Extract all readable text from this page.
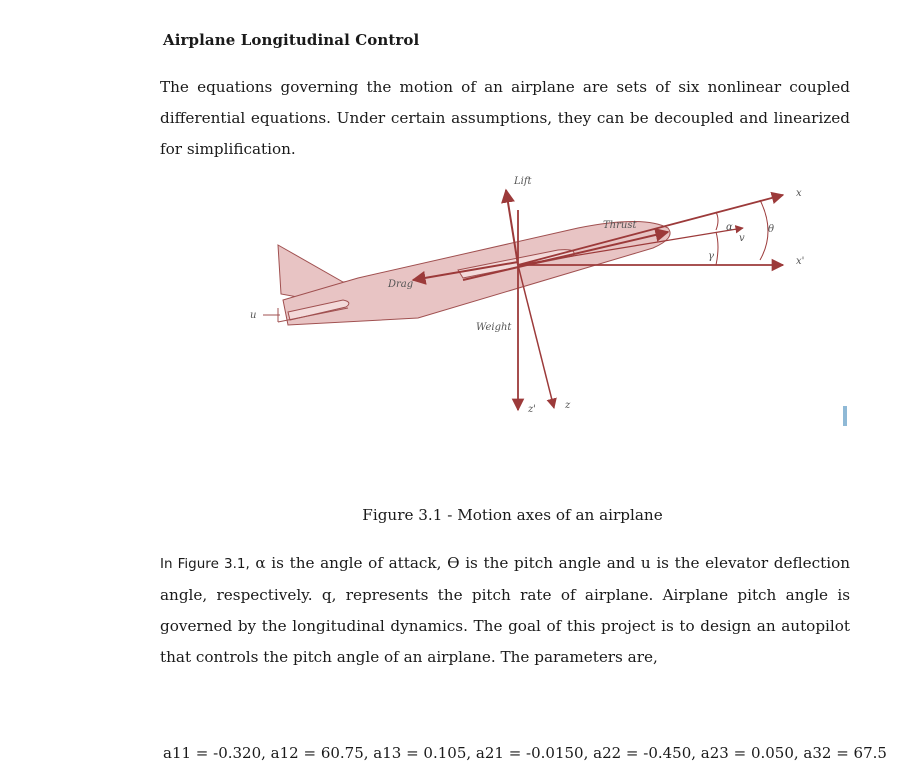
Airplane Longitudinal Control
The equations governing the motion of an airplane are sets of six nonlinear coupled differential equations. Under certain assumptions, they can be decoupled and linearized for simplification.
Lift
Thrust
Drag
Weight
x
x'
z
z'
α	θ
γ
v
u
Figure 3.1 - Motion axes of an airplane
In Figure 3.1, α is the angle of attack, Ө is the pitch angle and u is the elevator deflection angle, respectively. q, represents the pitch rate of airplane. Airplane pitch angle is governed by the longitudinal dynamics. The goal of this project is to design an autopilot that controls the pitch angle of an airplane. The parameters are,
a11 = -0.320, a12 = 60.75, a13 = 0.105, a21 = -0.0150, a22 = -0.450, a23 = 0.050, a32 = 67.5
